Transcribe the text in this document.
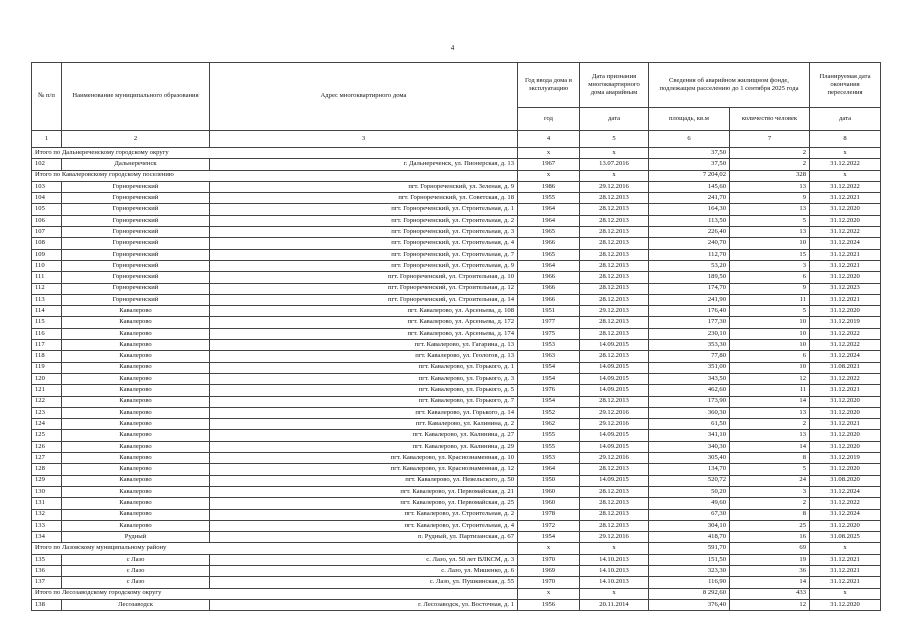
4
№ п/п	Наименование муниципального образования	Адрес многоквартирного дома	Год ввода дома в эксплуатацию	Дата признания многоквартирного дома аварийным	Сведения об аварийном жилищном фонде, подлежащем расселению до 1 сентября 2025 года		Планируемая дата окончания переселения
			год	дата	площадь, кв.м	количество человек	дата
1	2	3	4	5	6	7	8
Итого по Дальнереченскому городскому округу			x	x	37,50	2	x
102	Дальнереченск	г. Дальнереченск, ул. Пионерская, д. 13	1967	13.07.2016	37,50	2	31.12.2022
Итого по Кавалеровскому городскому поселению			x	x	7 204,02	328	x
103	Горнореченский	пгт. Горнореченский, ул. Зеленая, д. 9	1986	29.12.2016	145,60	13	31.12.2022
104	Горнореченский	пгт. Горнореченский, ул. Советская, д. 18	1955	28.12.2013	241,70	9	31.12.2021
105	Горнореченский	пгт. Горнореченский, ул. Строительная, д. 1	1964	28.12.2013	164,30	13	31.12.2020
106	Горнореченский	пгт. Горнореченский, ул. Строительная, д. 2	1964	28.12.2013	113,50	5	31.12.2020
107	Горнореченский	пгт. Горнореченский, ул. Строительная, д. 3	1965	28.12.2013	226,40	13	31.12.2022
108	Горнореченский	пгт. Горнореченский, ул. Строительная, д. 4	1966	28.12.2013	240,70	10	31.12.2024
109	Горнореченский	пгт. Горнореченский, ул. Строительная, д. 7	1965	28.12.2013	112,70	15	31.12.2021
110	Горнореченский	пгт. Горнореченский, ул. Строительная, д. 9	1964	28.12.2013	53,20	3	31.12.2021
111	Горнореченский	пгт. Горнореченский, ул. Строительная, д. 10	1966	28.12.2013	189,50	6	31.12.2020
112	Горнореченский	пгт. Горнореченский, ул. Строительная, д. 12	1966	28.12.2013	174,70	9	31.12.2023
113	Горнореченский	пгт. Горнореченский, ул. Строительная, д. 14	1966	28.12.2013	241,90	11	31.12.2021
114	Кавалерово	пгт. Кавалерово, ул. Арсеньева, д. 108	1951	29.12.2013	176,40	5	31.12.2020
115	Кавалерово	пгт. Кавалерово, ул. Арсеньева, д. 172	1977	28.12.2013	177,30	10	31.12.2019
116	Кавалерово	пгт. Кавалерово, ул. Арсеньева, д. 174	1975	28.12.2013	230,10	10	31.12.2022
117	Кавалерово	пгт. Кавалерово, ул. Гагарина, д. 13	1953	14.09.2015	353,30	10	31.12.2022
118	Кавалерово	пгт. Кавалерово, ул. Геологов, д. 13	1963	28.12.2013	77,80	6	31.12.2024
119	Кавалерово	пгт. Кавалерово, ул. Горького, д. 1	1954	14.09.2015	351,00	10	31.08.2021
120	Кавалерово	пгт. Кавалерово, ул. Горького, д. 3	1954	14.09.2015	343,50	12	31.12.2022
121	Кавалерово	пгт. Кавалерово, ул. Горького, д. 5	1976	14.09.2015	462,60	11	31.12.2021
122	Кавалерово	пгт. Кавалерово, ул. Горького, д. 7	1954	28.12.2013	173,90	14	31.12.2020
123	Кавалерово	пгт. Кавалерово, ул. Горького, д. 14	1952	29.12.2016	360,30	13	31.12.2020
124	Кавалерово	пгт. Кавалерово, ул. Калинина, д. 2	1962	29.12.2016	61,50	2	31.12.2021
125	Кавалерово	пгт. Кавалерово, ул. Калинина, д. 27	1955	14.09.2015	341,10	13	31.12.2020
126	Кавалерово	пгт. Кавалерово, ул. Калинина, д. 29	1955	14.09.2015	340,30	14	31.12.2020
127	Кавалерово	пгт. Кавалерово, ул. Краснознаменная, д. 10	1953	29.12.2016	305,40	8	31.12.2019
128	Кавалерово	пгт. Кавалерово, ул. Краснознаменная, д. 12	1964	28.12.2013	134,70	5	31.12.2020
129	Кавалерово	пгт. Кавалерово, ул. Невельского, д. 50	1950	14.09.2015	520,72	24	31.08.2020
130	Кавалерово	пгт. Кавалерово, ул. Первомайская, д. 21	1960	28.12.2013	50,20	3	31.12.2024
131	Кавалерово	пгт. Кавалерово, ул. Первомайская, д. 25	1960	28.12.2013	49,60	2	31.12.2022
132	Кавалерово	пгт. Кавалерово, ул. Строительная, д. 2	1978	28.12.2013	67,30	8	31.12.2024
133	Кавалерово	пгт. Кавалерово, ул. Строительная, д. 4	1972	28.12.2013	304,10	25	31.12.2020
134	Рудный	п. Рудный, ул. Партизанская, д. 67	1954	29.12.2016	418,70	16	31.08.2025
Итого по Лазовскому муниципальному району			x	x	591,70	69	x
135	с Лазо	с. Лазо, ул. 50 лет ВЛКСМ, д. 3	1970	14.10.2013	151,50	19	31.12.2021
136	с Лазо	с. Лазо, ул. Мишенко, д. 6	1969	14.10.2013	323,30	36	31.12.2021
137	с Лазо	с. Лазо, ул. Пушкинская, д. 55	1970	14.10.2013	116,90	14	31.12.2021
Итого по Лесозаводскому городскому округу			x	x	8 292,60	433	x
138	Лесозаводск	г. Лесозаводск, ул. Восточная, д. 1	1956	20.11.2014	376,40	12	31.12.2020
